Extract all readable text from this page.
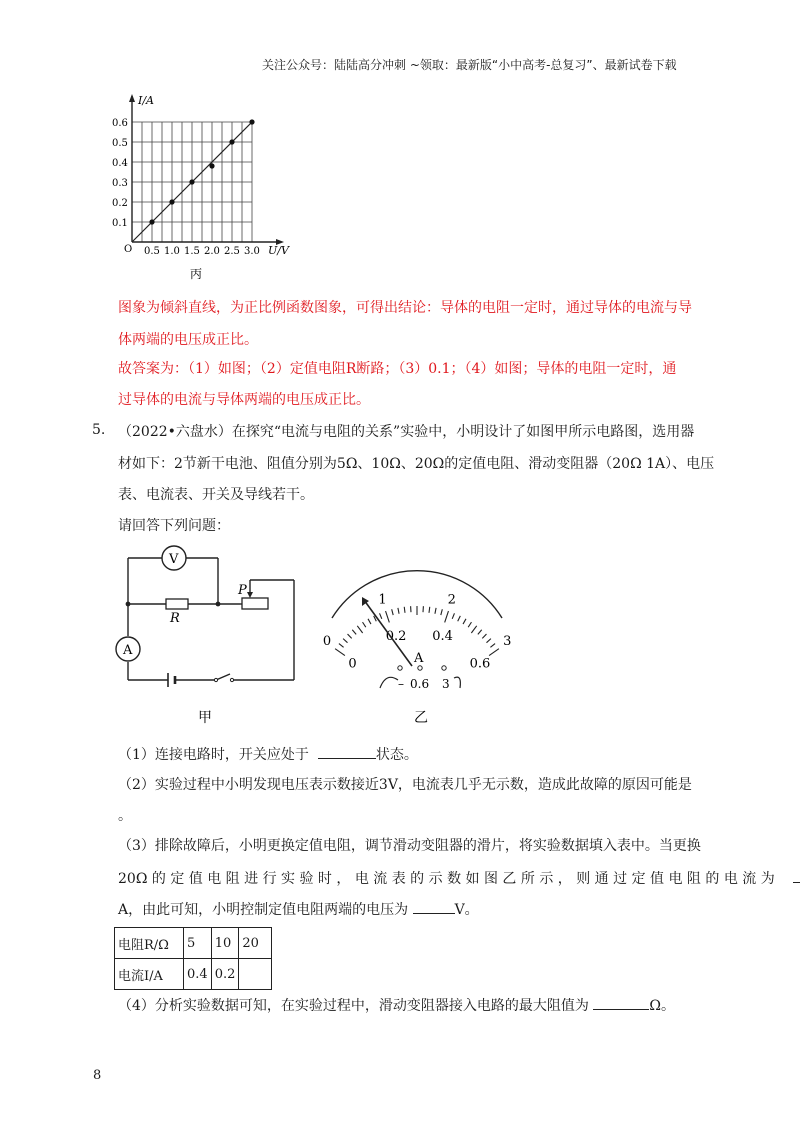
关注公众号：陆陆高分冲刺 ~领取：最新版“小中高考-总复习”、最新试卷下载
I/A
U/V
O 0.5 1.0 1.5 2.0 2.5 3.0
0.1
0.2
0.3
0.4
0.5
0.6
丙
图象为倾斜直线，为正比例函数图象，可得出结论：导体的电阻一定时，通过导体的电流与导
体两端的电压成正比。
故答案为：（1）如图；（2）定值电阻R断路；（3）0.1；（4）如图；导体的电阻一定时，通
过导体的电流与导体两端的电压成正比。
5. （2022•六盘水）在探究“电流与电阻的关系”实验中，小明设计了如图甲所示电路图，选用器
材如下：2节新干电池、阻值分别为5Ω、10Ω、20Ω的定值电阻、滑动变阻器（20Ω 1A）、电压
表、电流表、开关及导线若干。
请回答下列问题：
V
R
P
A
甲
0
1	2
3
0
0.2 0.4
0.6
A
– 0.6 3
乙
（1）连接电路时，开关应处于	状态。
（2）实验过程中小明发现电压表示数接近3V，电流表几乎无示数，造成此故障的原因可能是
。
（3）排除故障后，小明更换定值电阻，调节滑动变阻器的滑片，将实验数据填入表中。当更换
20Ω 的 定 值 电 阻 进 行 实 验 时 ， 电 流 表 的 示 数 如 图 乙 所 示 ， 则 通 过 定 值 电 阻 的 电 流 为
A，由此可知，小明控制定值电阻两端的电压为	V。
电阻R/Ω	5	10	20
电流I/A	0.4	0.2	
（4）分析实验数据可知，在实验过程中，滑动变阻器接入电路的最大阻值为	Ω。
8
